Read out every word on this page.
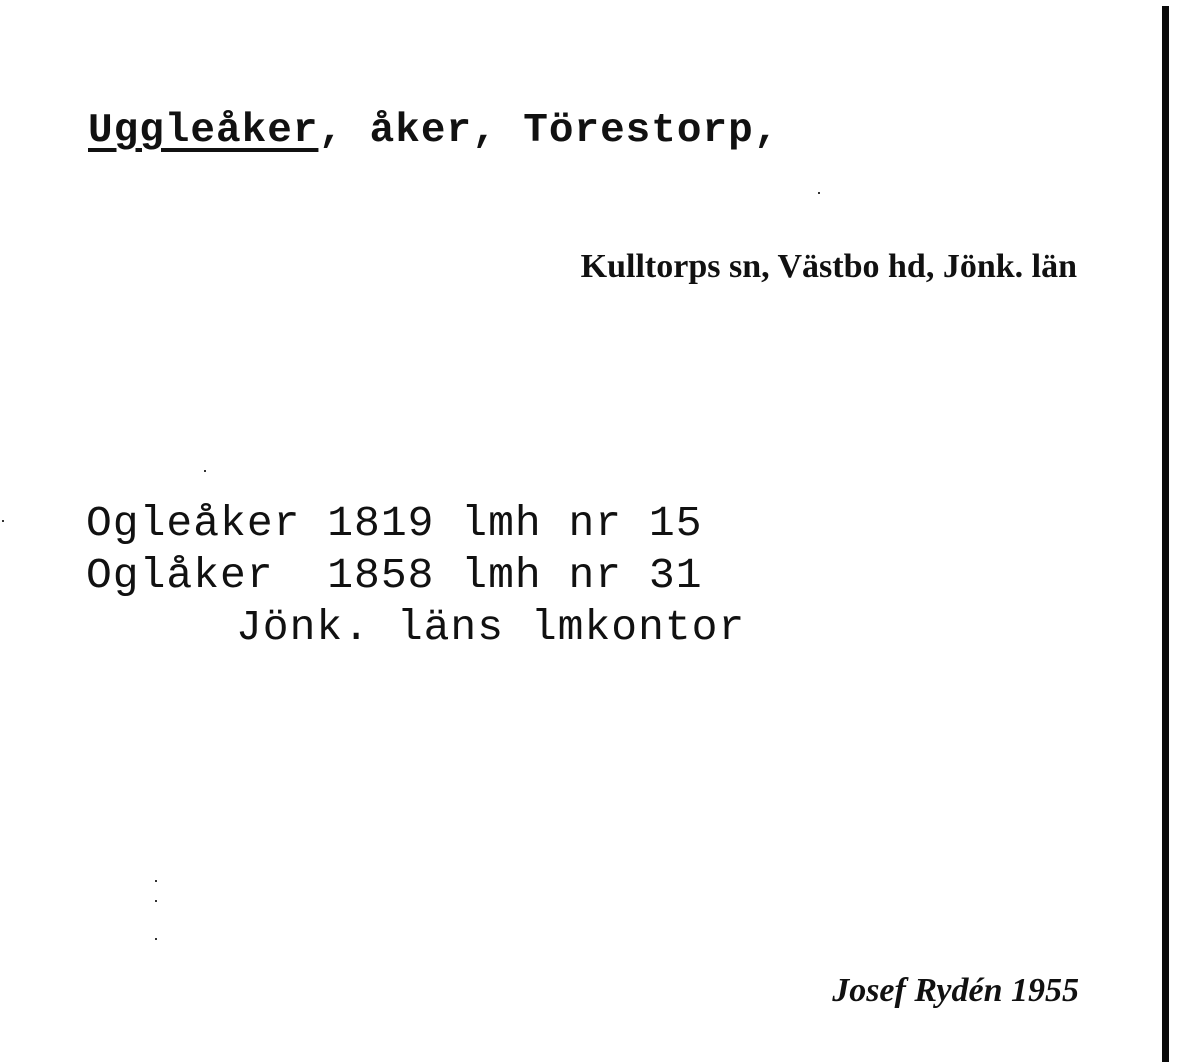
Uggleåker, åker, Törestorp,
Kulltorps sn, Västbo hd, Jönk. län
Ogleåker 1819 lmh nr 15
Oglåker  1858 lmh nr 31
Jönk. läns lmkontor
Josef Rydén 1955
